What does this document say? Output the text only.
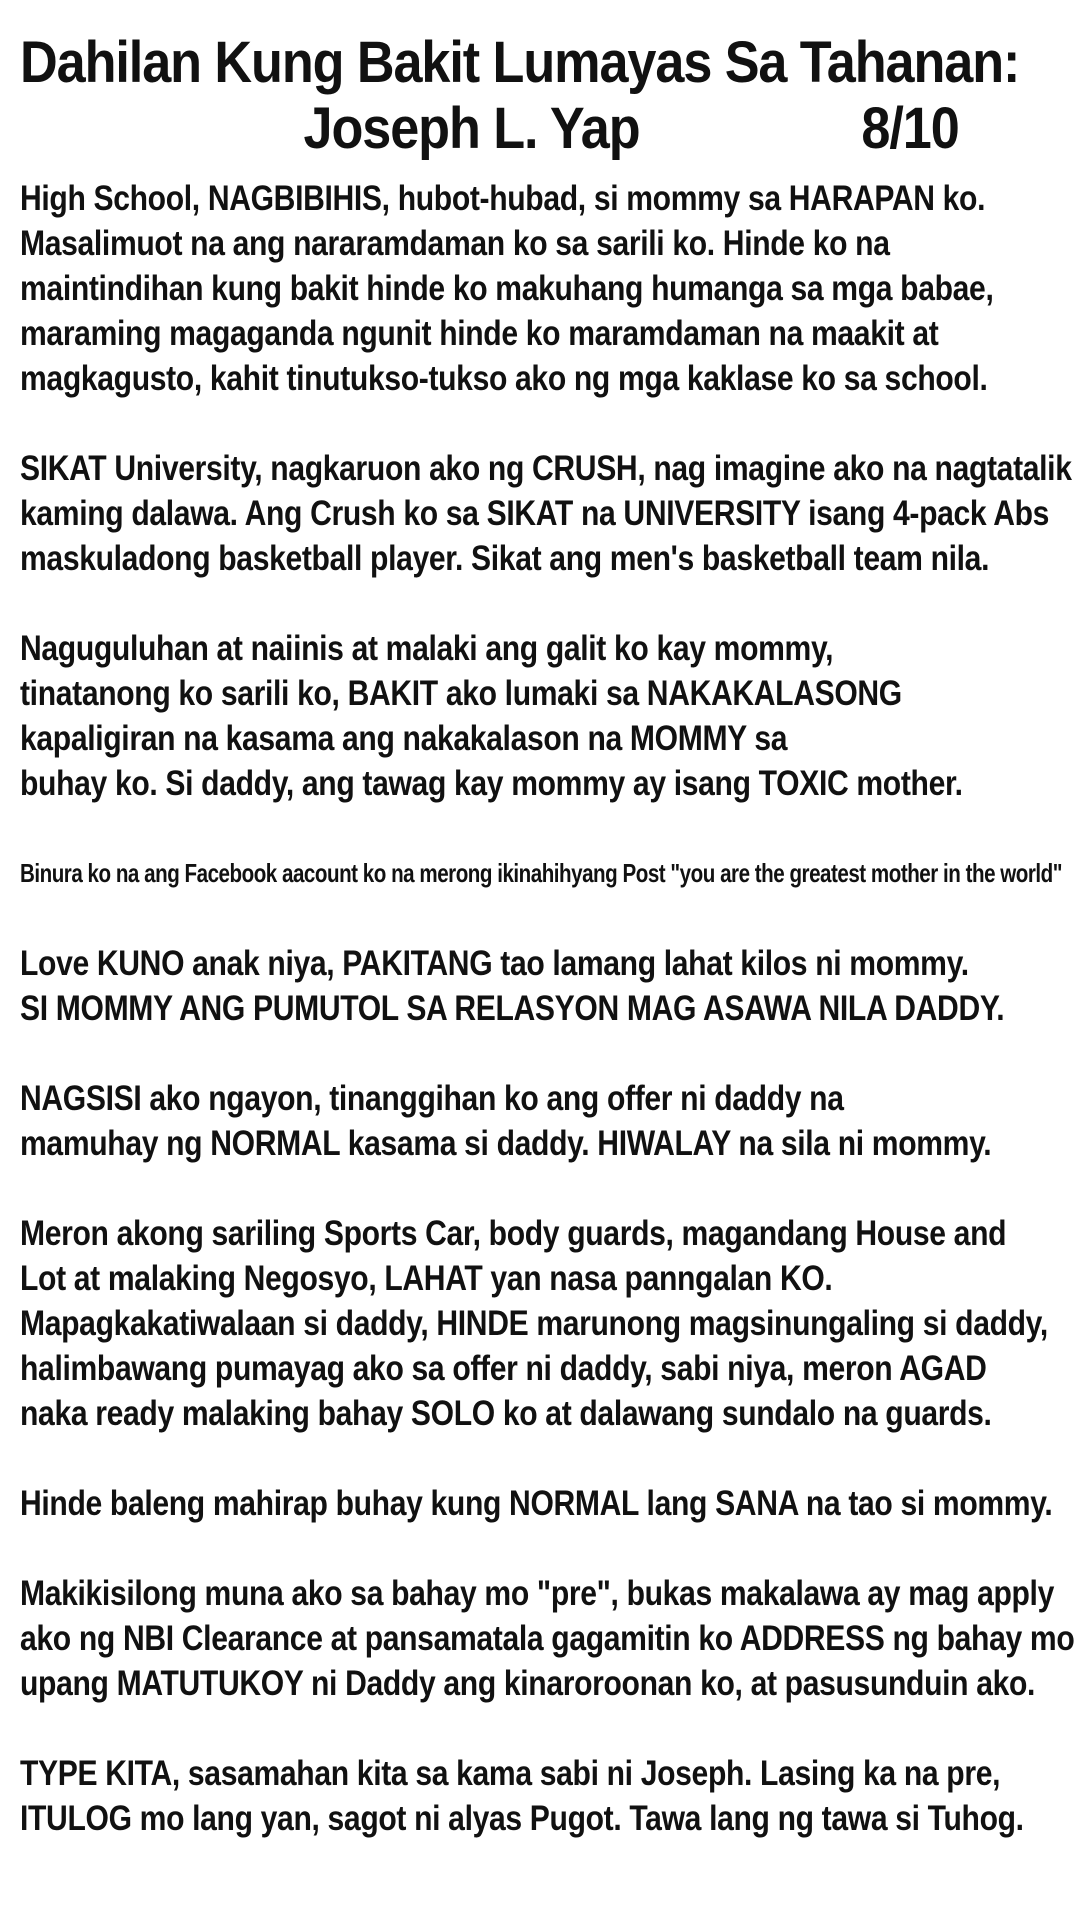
Dahilan Kung Bakit Lumayas Sa Tahanan:
Joseph L. Yap	8/10

High School, NAGBIBIHIS, hubot-hubad, si mommy sa HARAPAN ko.
Masalimuot na ang nararamdaman ko sa sarili ko. Hinde ko na
maintindihan kung bakit hinde ko makuhang humanga sa mga babae,
maraming magaganda ngunit hinde ko maramdaman na maakit at
magkagusto, kahit tinutukso-tukso ako ng mga kaklase ko sa school.

SIKAT University, nagkaruon ako ng CRUSH, nag imagine ako na nagtatalik
kaming dalawa. Ang Crush ko sa SIKAT na UNIVERSITY isang 4-pack Abs
maskuladong basketball player. Sikat ang men's basketball team nila.

Naguguluhan at naiinis at malaki ang galit ko kay mommy,
tinatanong ko sarili ko, BAKIT ako lumaki sa NAKAKALASONG
kapaligiran na kasama ang nakakalason na MOMMY sa
buhay ko. Si daddy, ang tawag kay mommy ay isang TOXIC mother.

Binura ko na ang Facebook aacount ko na merong ikinahihyang Post "you are the greatest mother in the world"

Love KUNO anak niya, PAKITANG tao lamang lahat kilos ni mommy.
SI MOMMY ANG PUMUTOL SA RELASYON MAG ASAWA NILA DADDY.

NAGSISI ako ngayon, tinanggihan ko ang offer ni daddy na
mamuhay ng NORMAL kasama si daddy. HIWALAY na sila ni mommy.

Meron akong sariling Sports Car, body guards, magandang House and
Lot at malaking Negosyo, LAHAT yan nasa panngalan KO.
Mapagkakatiwalaan si daddy, HINDE marunong magsinungaling si daddy,
halimbawang pumayag ako sa offer ni daddy, sabi niya, meron AGAD
naka ready malaking bahay SOLO ko at dalawang sundalo na guards.

Hinde baleng mahirap buhay kung NORMAL lang SANA na tao si mommy.

Makikisilong muna ako sa bahay mo "pre", bukas makalawa ay mag apply
ako ng NBI Clearance at pansamatala gagamitin ko ADDRESS ng bahay mo
upang MATUTUKOY ni Daddy ang kinaroroonan ko, at pasusunduin ako.

TYPE KITA, sasamahan kita sa kama sabi ni Joseph. Lasing ka na pre,
ITULOG mo lang yan, sagot ni alyas Pugot. Tawa lang ng tawa si Tuhog.
